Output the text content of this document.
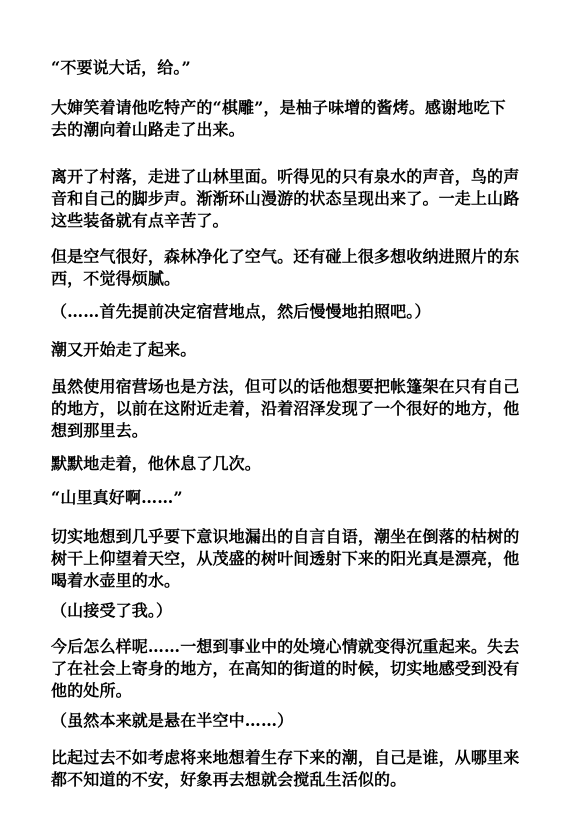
“不要说大话，给。”

大婶笑着请他吃特产的“棋雕”，是柚子味增的酱烤。感谢地吃下
去的潮向着山路走了出来。

离开了村落，走进了山林里面。听得见的只有泉水的声音，鸟的声
音和自己的脚步声。渐渐环山漫游的状态呈现出来了。一走上山路
这些装备就有点辛苦了。

但是空气很好，森林净化了空气。还有碰上很多想收纳进照片的东
西，不觉得烦腻。

（……首先提前决定宿营地点，然后慢慢地拍照吧。）

潮又开始走了起来。

虽然使用宿营场也是方法，但可以的话他想要把帐篷架在只有自己
的地方，以前在这附近走着，沿着沼泽发现了一个很好的地方，他
想到那里去。

默默地走着，他休息了几次。

“山里真好啊……”

切实地想到几乎要下意识地漏出的自言自语，潮坐在倒落的枯树的
树干上仰望着天空，从茂盛的树叶间透射下来的阳光真是漂亮，他
喝着水壶里的水。

（山接受了我。）

今后怎么样呢……一想到事业中的处境心情就变得沉重起来。失去
了在社会上寄身的地方，在高知的街道的时候，切实地感受到没有
他的处所。

（虽然本来就是悬在半空中……）

比起过去不如考虑将来地想着生存下来的潮，自己是谁，从哪里来
都不知道的不安，好象再去想就会搅乱生活似的。
